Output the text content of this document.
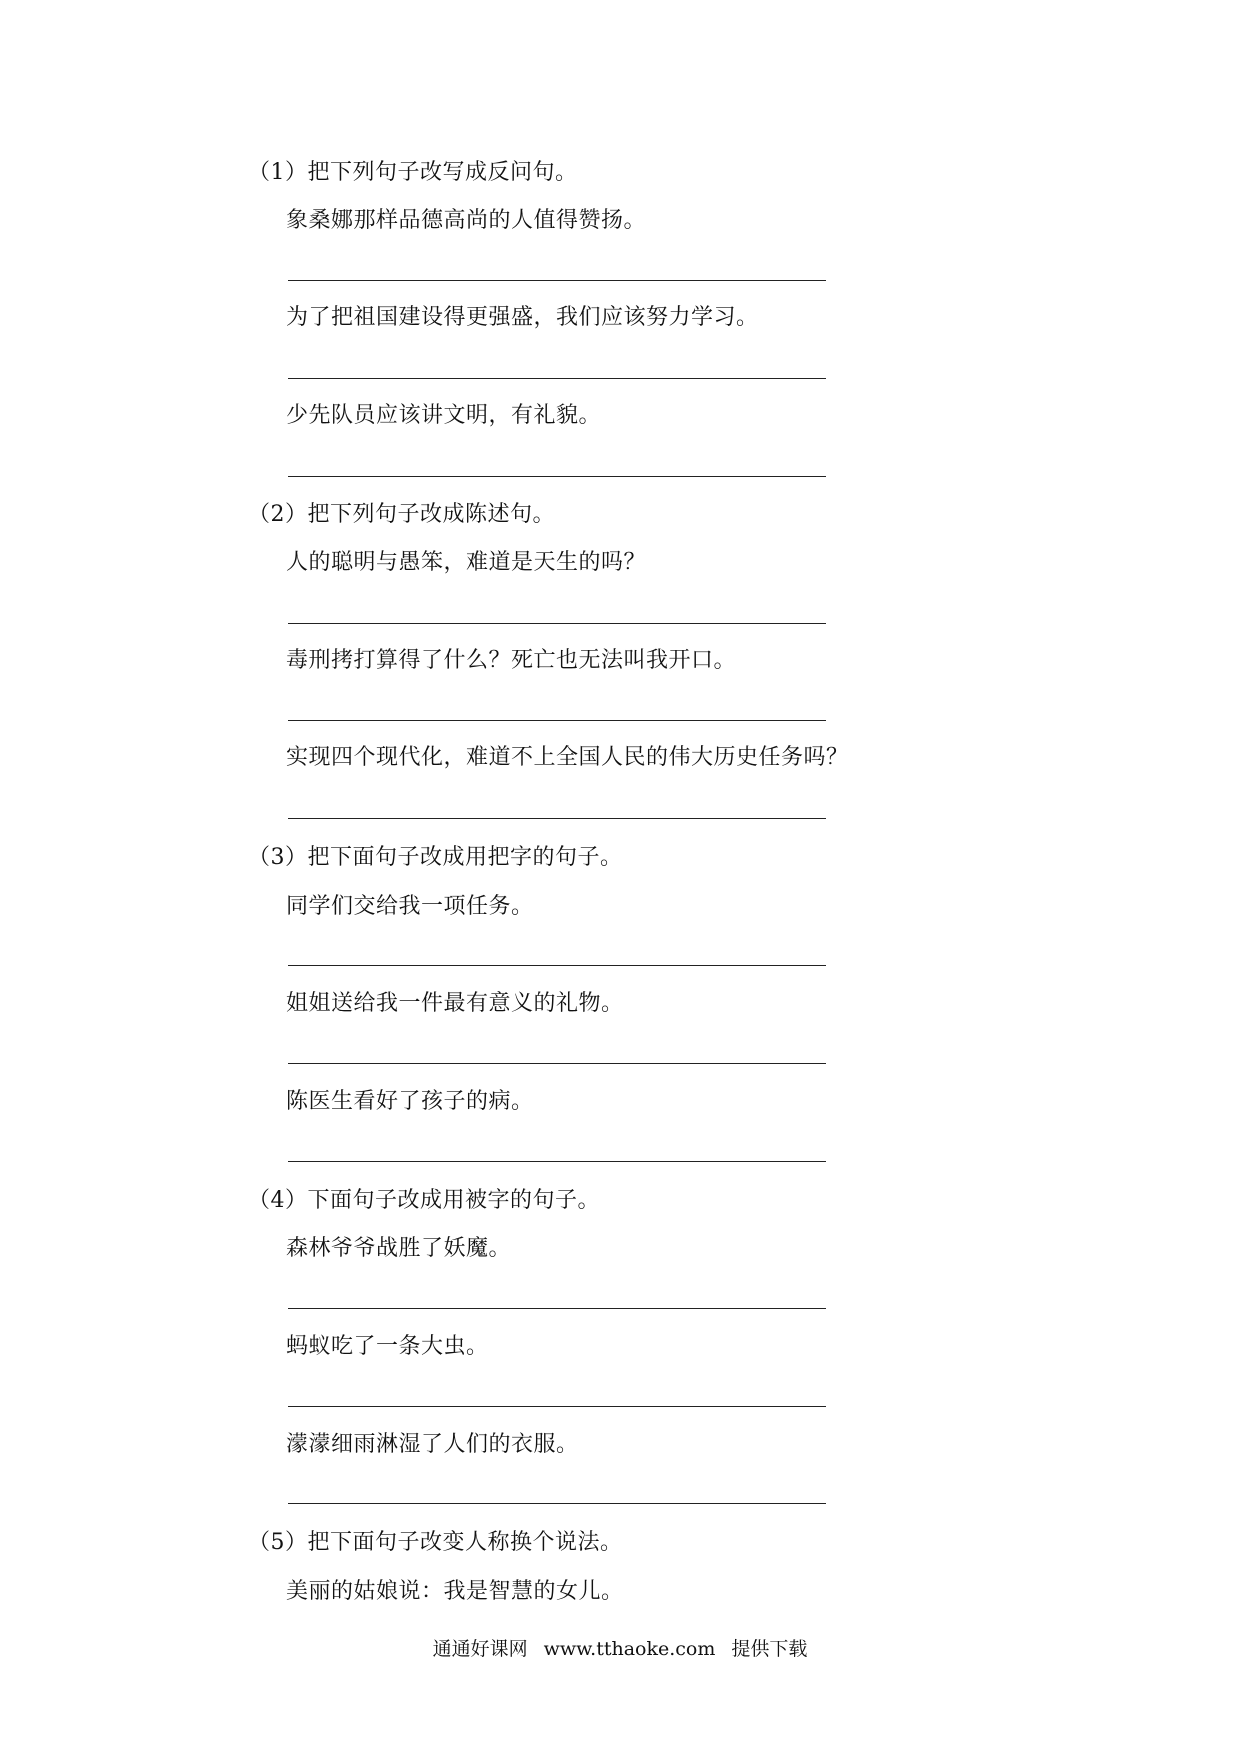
（1）把下列句子改写成反问句。
象桑娜那样品德高尚的人值得赞扬。
为了把祖国建设得更强盛，我们应该努力学习。
少先队员应该讲文明，有礼貌。
（2）把下列句子改成陈述句。
人的聪明与愚笨，难道是天生的吗？
毒刑拷打算得了什么？死亡也无法叫我开口。
实现四个现代化，难道不上全国人民的伟大历史任务吗？
（3）把下面句子改成用把字的句子。
同学们交给我一项任务。
姐姐送给我一件最有意义的礼物。
陈医生看好了孩子的病。
（4）下面句子改成用被字的句子。
森林爷爷战胜了妖魔。
蚂蚁吃了一条大虫。
濛濛细雨淋湿了人们的衣服。
（5）把下面句子改变人称换个说法。
美丽的姑娘说：我是智慧的女儿。
通通好课网 www.tthaoke.com 提供下载
